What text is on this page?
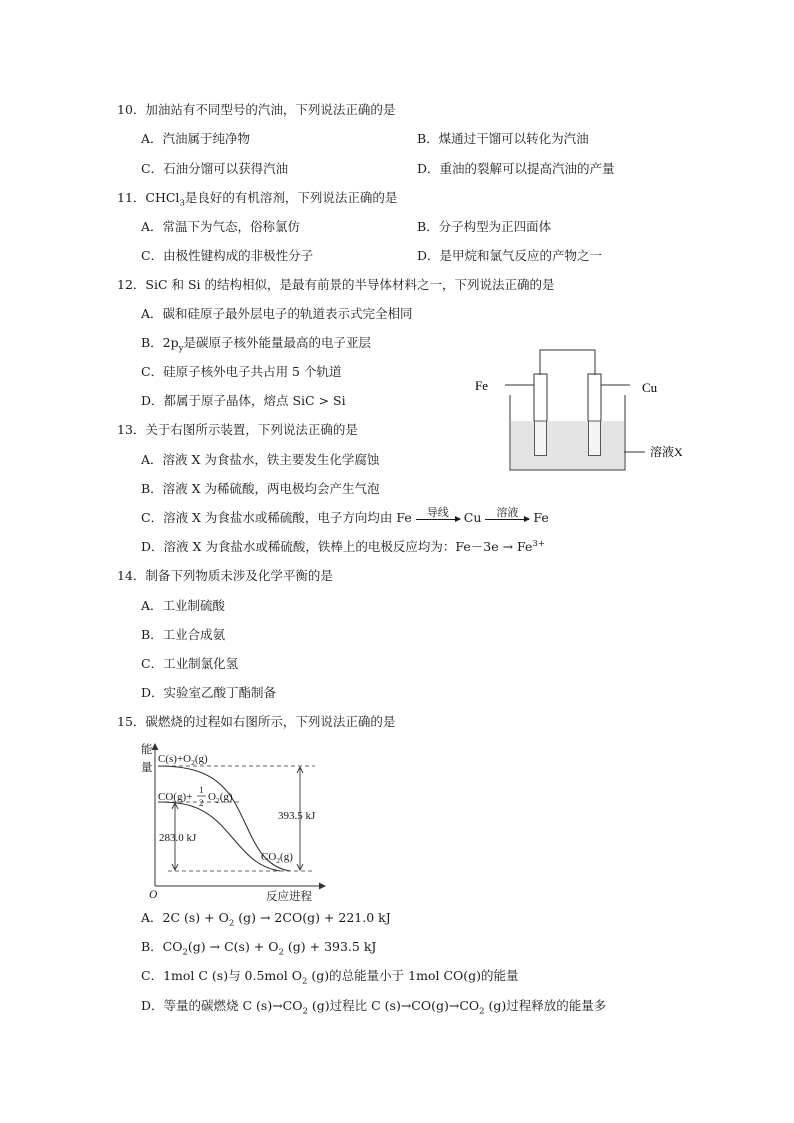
10．加油站有不同型号的汽油，下列说法正确的是
A．汽油属于纯净物	B．煤通过干馏可以转化为汽油
C．石油分馏可以获得汽油	D．重油的裂解可以提高汽油的产量
11．CHCl$_3$是良好的有机溶剂，下列说法正确的是
A．常温下为气态，俗称氯仿	B．分子构型为正四面体
C．由极性键构成的非极性分子	D．是甲烷和氯气反应的产物之一
12．SiC 和 Si 的结构相似，是最有前景的半导体材料之一，下列说法正确的是
A．碳和硅原子最外层电子的轨道表示式完全相同
B．$2p_y$是碳原子核外能量最高的电子亚层
C．硅原子核外电子共占用 5 个轨道
D．都属于原子晶体，熔点 SiC > Si
Fe	Cu
溶液X
13．关于右图所示装置，下列说法正确的是
A．溶液 X 为食盐水，铁主要发生化学腐蚀
B．溶液 X 为稀硫酸，两电极均会产生气泡
C．溶液 X 为食盐水或稀硫酸，电子方向均由 Fe	导线	Cu	溶液	Fe
D．溶液 X 为食盐水或稀硫酸，铁棒上的电极反应均为：$Fe-3e \to Fe^{3+}$
14．制备下列物质未涉及化学平衡的是
A．工业制硫酸
B．工业合成氨
C．工业制氯化氢
D．实验室乙酸丁酯制备
15．碳燃烧的过程如右图所示，下列说法正确的是
能
量
O	反应进程
$C(s)+O_2(g)$
CO(g)+
1
2 $O_2(g)$
$CO_2(g)$
393.5 kJ
283.0 kJ
A．2C $(s) + O_2$ (g) → 2CO(g) + 221.0 kJ
B．$CO_2(g) \to C(s) + O_2$ (g) + 393.5 kJ
C．1mol C (s)与 0.5mol $O_2$ (g)的总能量小于 1mol CO(g)的能量
D．等量的碳燃烧 C $(s)\to CO_2$ (g)过程比 C $(s)\to CO(g)\to CO_2$ (g)过程释放的能量多
